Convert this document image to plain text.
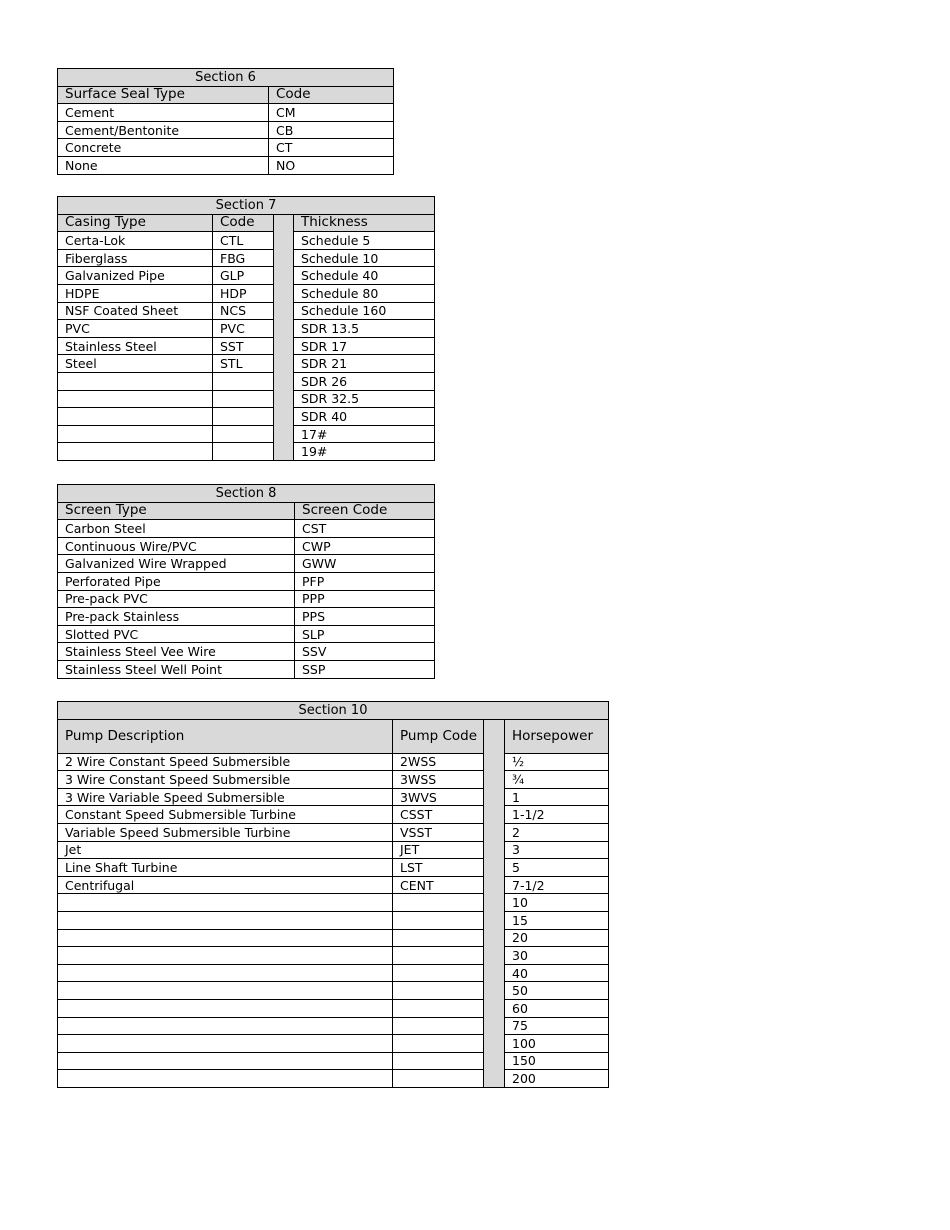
Section 6	
Surface Seal Type	Code
Cement	CM
Cement/Bentonite	CB
Concrete	CT
None	NO
Section 7			
Casing Type	Code		Thickness
Certa-Lok	CTL		Schedule 5
Fiberglass	FBG		Schedule 10
Galvanized Pipe	GLP		Schedule 40
HDPE	HDP		Schedule 80
NSF Coated Sheet	NCS		Schedule 160
PVC	PVC		SDR 13.5
Stainless Steel	SST		SDR 17
Steel	STL		SDR 21
			SDR 26
			SDR 32.5
			SDR 40
			17#
			19#
Section 8	
Screen Type	Screen Code
Carbon Steel	CST
Continuous Wire/PVC	CWP
Galvanized Wire Wrapped	GWW
Perforated Pipe	PFP
Pre-pack PVC	PPP
Pre-pack Stainless	PPS
Slotted PVC	SLP
Stainless Steel Vee Wire	SSV
Stainless Steel Well Point	SSP
Section 10			
Pump Description	Pump Code		Horsepower
2 Wire Constant Speed Submersible	2WSS		½
3 Wire Constant Speed Submersible	3WSS		¾
3 Wire Variable Speed Submersible	3WVS		1
Constant Speed Submersible Turbine	CSST		1-1/2
Variable Speed Submersible Turbine	VSST		2
Jet	JET		3
Line Shaft Turbine	LST		5
Centrifugal	CENT		7-1/2
			10
			15
			20
			30
			40
			50
			60
			75
			100
			150
			200
